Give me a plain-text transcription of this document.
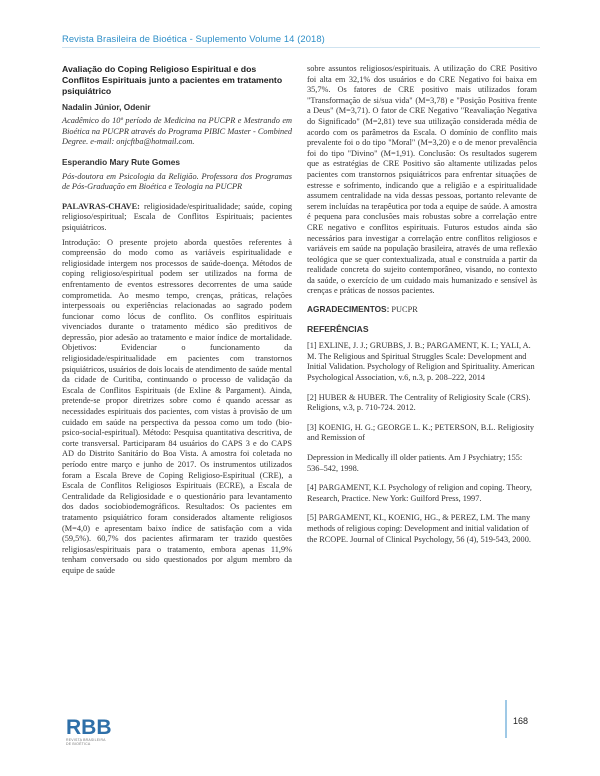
Revista Brasileira de Bioética - Suplemento Volume 14 (2018)
Avaliação do Coping Religioso Espiritual e dos Conflitos Espirituais junto a pacientes em tratamento psiquiátrico
Nadalin Júnior, Odenir
Acadêmico do 10º período de Medicina na PUCPR e Mestrando em Bioética na PUCPR através do Programa PIBIC Master - Combined Degree. e-mail: onjcftba@hotmail.com.
Esperandio Mary Rute Gomes
Pós-doutora em Psicologia da Religião. Professora dos Programas de Pós-Graduação em Bioética e Teologia na PUCPR
PALAVRAS-CHAVE: religiosidade/espiritualidade; saúde, coping religioso/espiritual; Escala de Conflitos Espirituais; pacientes psiquiátricos.

Introdução: O presente projeto aborda questões referentes à compreensão do modo como as variáveis espiritualidade e religiosidade intergem nos processos de saúde-doença. Métodos de coping religioso/espiritual podem ser utilizados na forma de enfrentamento de eventos estressores decorrentes de uma saúde comprometida. Ao mesmo tempo, crenças, práticas, relações interpessoais ou experiências relacionadas ao sagrado podem funcionar como lócus de conflito. Os conflitos espirituais vivenciados durante o tratamento médico são preditivos de depressão, pior adesão ao tratamento e maior índice de mortalidade. Objetivos: Evidenciar o funcionamento da religiosidade/espiritualidade em pacientes com transtornos psiquiátricos, usuários de dois locais de atendimento de saúde mental da cidade de Curitiba, continuando o processo de validação da Escala de Conflitos Espirituais (de Exline & Pargament). Ainda, pretende-se propor diretrizes sobre como é quando acessar as necessidades espirituais dos pacientes, com vistas à provisão de um cuidado em saúde na perspectiva da pessoa como um todo (bio-psico-social-espiritual). Método: Pesquisa quantitativa descritiva, de corte transversal. Participaram 84 usuários do CAPS 3 e do CAPS AD do Distrito Sanitário do Boa Vista. A amostra foi coletada no período entre março e junho de 2017. Os instrumentos utilizados foram a Escala Breve de Coping Religioso-Espiritual (CRE), a Escala de Conflitos Religiosos Espirituais (ECRE), a Escala de Centralidade da Religiosidade e o questionário para levantamento dos dados sociobiodemográficos. Resultados: Os pacientes em tratamento psiquiátrico foram considerados altamente religiosos (M=4,0) e apresentam baixo índice de satisfação com a vida (59,5%). 60,7% dos pacientes afirmaram ter trazido questões religiosas/espirituais para o tratamento, embora apenas 11,9% tenham conversado ou sido questionados por algum membro da equipe de saúde

sobre assuntos religiosos/espirituais. A utilização do CRE Positivo foi alta em 32,1% dos usuários e do CRE Negativo foi baixa em 35,7%. Os fatores de CRE positivo mais utilizados foram "Transformação de si/sua vida" (M=3,78) e "Posição Positiva frente a Deus" (M=3,71). O fator de CRE Negativo "Reavaliação Negativa do Significado" (M=2,81) teve sua utilização considerada média de acordo com os parâmetros da Escala. O domínio de conflito mais prevalente foi o do tipo "Moral" (M=3,20) e o de menor prevalência foi do tipo "Divino" (M=1,91). Conclusão: Os resultados sugerem que as estratégias de CRE Positivo são altamente utilizadas pelos pacientes com transtornos psiquiátricos para enfrentar situações de estresse e sofrimento, indicando que a religião e a espiritualidade assumem centralidade na vida dessas pessoas, portanto relevante de serem incluídas na terapêutica por toda a equipe de saúde. A amostra é pequena para conclusões mais robustas sobre a correlação entre CRE negativo e conflitos espirituais. Futuros estudos ainda são necessários para investigar a correlação entre conflitos religiosos e variáveis em saúde na população brasileira, através de uma reflexão teológica que se quer contextualizada, atual e construída a partir da realidade concreta do sujeito contemporâneo, visando, no contexto da saúde, o exercício de um cuidado mais humanizado e sensível às crenças e práticas de nossos pacientes.

AGRADECIMENTOS: PUCPR
REFERÊNCIAS
[1] EXLINE, J. J.; GRUBBS, J. B.; PARGAMENT, K. I.; YALI, A. M. The Religious and Spiritual Struggles Scale: Development and Initial Validation. Psychology of Religion and Spirituality. American Psychological Association, v.6, n.3, p. 208–222, 2014
[2] HUBER & HUBER. The Centrality of Religiosity Scale (CRS). Religions, v.3, p. 710-724. 2012.
[3] KOENIG, H. G.; GEORGE L. K.; PETERSON, B.L. Religiosity and Remission of
Depression in Medically ill older patients. Am J Psychiatry; 155: 536–542, 1998.
[4] PARGAMENT, K.I. Psychology of religion and coping. Theory, Research, Practice. New York: Guilford Press, 1997.
[5] PARGAMENT, KI., KOENIG, HG., & PEREZ, LM. The many methods of religious coping: Development and initial validation of the RCOPE. Journal of Clinical Psychology, 56 (4), 519-543, 2000.
RBB
REVISTA BRASILEIRA DE BIOÉTICA
168
